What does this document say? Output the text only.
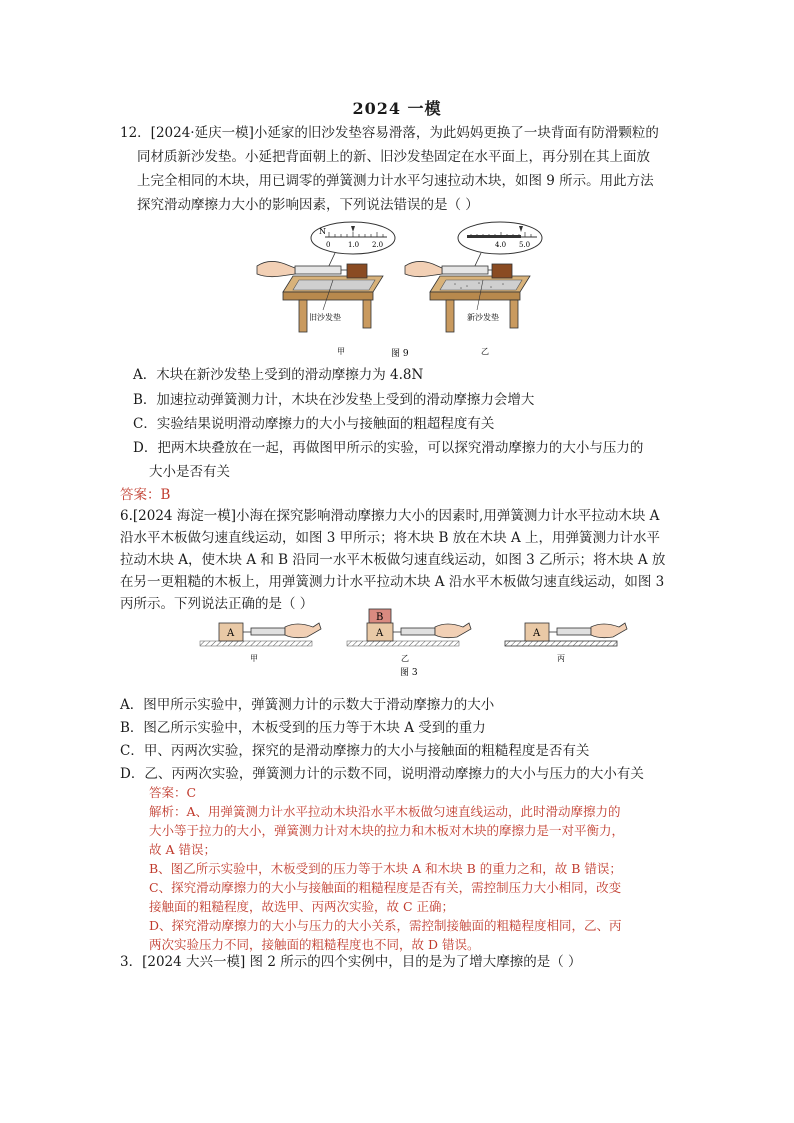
2024 一模
12．[2024·延庆一模]小延家的旧沙发垫容易滑落，为此妈妈更换了一块背面有防滑颗粒的
同材质新沙发垫。小延把背面朝上的新、旧沙发垫固定在水平面上，再分别在其上面放
上完全相同的木块，用已调零的弹簧测力计水平匀速拉动木块，如图 9 所示。用此方法
探究滑动摩擦力大小的影响因素，下列说法错误的是（ ）
N
0	1.0 2.0
旧沙发垫
甲
4.0 5.0
新沙发垫
乙
图 9
A．木块在新沙发垫上受到的滑动摩擦力为 4.8N
B．加速拉动弹簧测力计，木块在沙发垫上受到的滑动摩擦力会增大
C．实验结果说明滑动摩擦力的大小与接触面的粗超程度有关
D．把两木块叠放在一起，再做图甲所示的实验，可以探究滑动摩擦力的大小与压力的
大小是否有关
答案：B
6.[2024 海淀一模]小海在探究影响滑动摩擦力大小的因素时,用弹簧测力计水平拉动木块 A
沿水平木板做匀速直线运动，如图 3 甲所示；将木块 B 放在木块 A 上，用弹簧测力计水平
拉动木块 A，使木块 A 和 B 沿同一水平木板做匀速直线运动，如图 3 乙所示；将木块 A 放
在另一更粗糙的木板上，用弹簧测力计水平拉动木块 A 沿水平木板做匀速直线运动，如图 3
丙所示。下列说法正确的是（ ）
A
甲
B
A
乙
A
丙
图 3
A．图甲所示实验中，弹簧测力计的示数大于滑动摩擦力的大小
B．图乙所示实验中，木板受到的压力等于木块 A 受到的重力
C．甲、丙两次实验，探究的是滑动摩擦力的大小与接触面的粗糙程度是否有关
D．乙、丙两次实验，弹簧测力计的示数不同，说明滑动摩擦力的大小与压力的大小有关
答案：C
解析：A、用弹簧测力计水平拉动木块沿水平木板做匀速直线运动，此时滑动摩擦力的
大小等于拉力的大小，弹簧测力计对木块的拉力和木板对木块的摩擦力是一对平衡力，
故 A 错误；
B、图乙所示实验中，木板受到的压力等于木块 A 和木块 B 的重力之和，故 B 错误；
C、探究滑动摩擦力的大小与接触面的粗糙程度是否有关，需控制压力大小相同，改变
接触面的粗糙程度，故选甲、丙两次实验，故 C 正确；
D、探究滑动摩擦力的大小与压力的大小关系，需控制接触面的粗糙程度相同，乙、丙
两次实验压力不同，接触面的粗糙程度也不同，故 D 错误。
3．[2024 大兴一模] 图 2 所示的四个实例中，目的是为了增大摩擦的是（ ）
